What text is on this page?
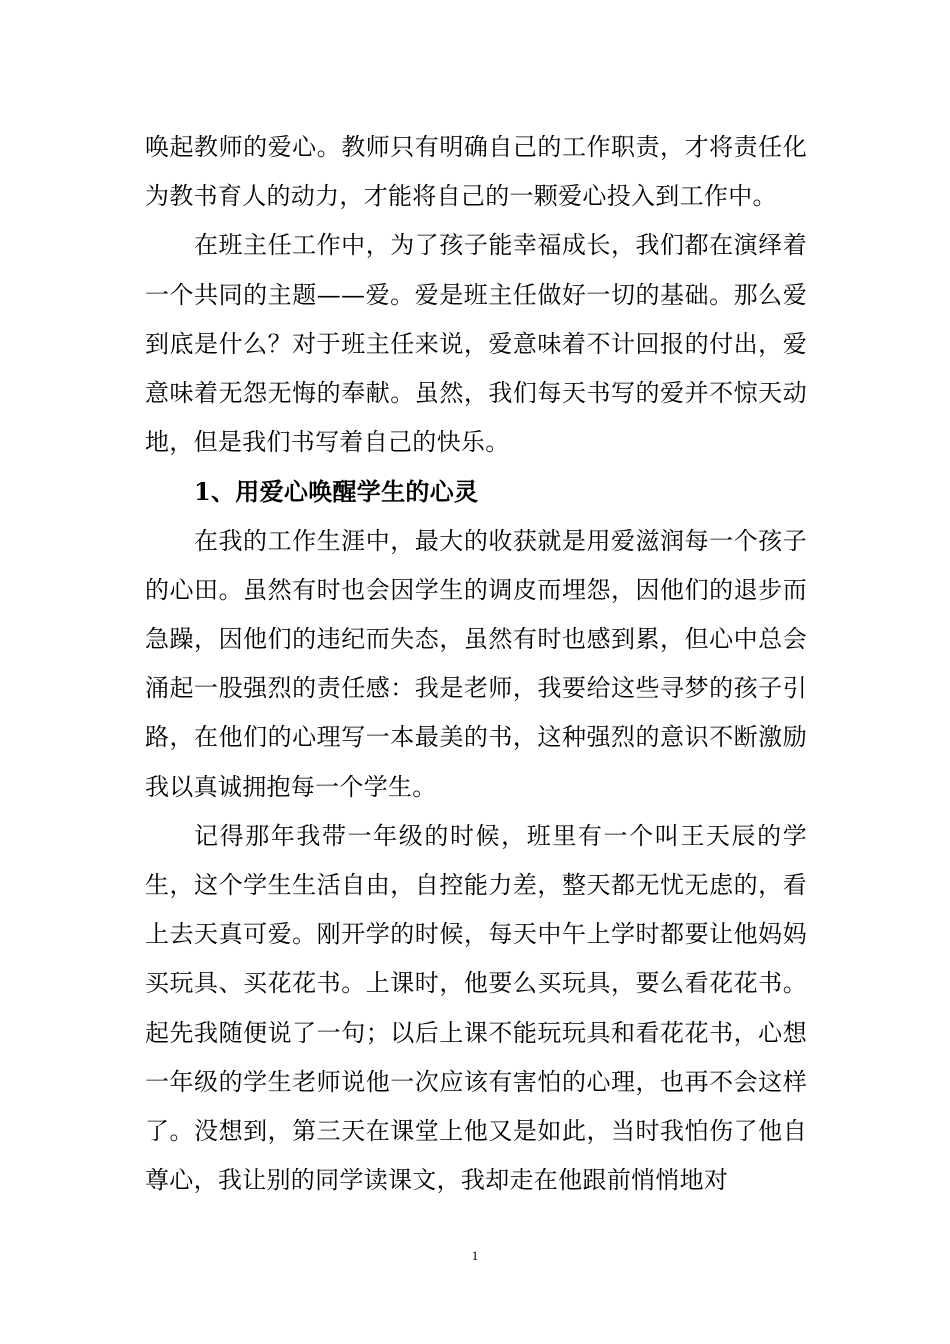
唤起教师的爱心。教师只有明确自己的工作职责，才将责任化为教书育人的动力，才能将自己的一颗爱心投入到工作中。

在班主任工作中，为了孩子能幸福成长，我们都在演绎着一个共同的主题——爱。爱是班主任做好一切的基础。那么爱到底是什么？对于班主任来说，爱意味着不计回报的付出，爱意味着无怨无悔的奉献。虽然，我们每天书写的爱并不惊天动地，但是我们书写着自己的快乐。

1、用爱心唤醒学生的心灵

在我的工作生涯中，最大的收获就是用爱滋润每一个孩子的心田。虽然有时也会因学生的调皮而埋怨，因他们的退步而急躁，因他们的违纪而失态，虽然有时也感到累，但心中总会涌起一股强烈的责任感：我是老师，我要给这些寻梦的孩子引路，在他们的心理写一本最美的书，这种强烈的意识不断激励我以真诚拥抱每一个学生。

记得那年我带一年级的时候，班里有一个叫王天辰的学生，这个学生生活自由，自控能力差，整天都无忧无虑的，看上去天真可爱。刚开学的时候，每天中午上学时都要让他妈妈买玩具、买花花书。上课时，他要么买玩具，要么看花花书。起先我随便说了一句；以后上课不能玩玩具和看花花书，心想一年级的学生老师说他一次应该有害怕的心理，也再不会这样了。没想到，第三天在课堂上他又是如此，当时我怕伤了他自尊心，我让别的同学读课文，我却走在他跟前悄悄地对

1
